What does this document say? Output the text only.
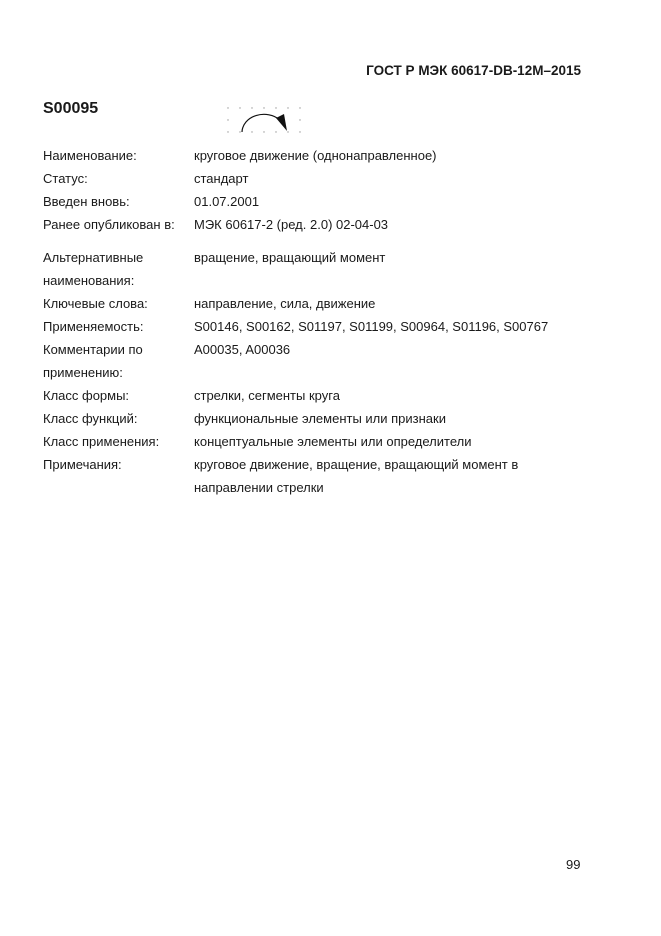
ГОСТ Р МЭК 60617-DB-12M–2015
S00095
Наименование:	круговое движение (однонаправленное)
Статус:	стандарт
Введен вновь:	01.07.2001
Ранее опубликован в:	МЭК 60617-2 (ред. 2.0) 02-04-03
Альтернативные наименования:
вращение, вращающий момент
Ключевые слова:	направление, сила, движение
Применяемость:	S00146, S00162, S01197, S01199, S00964, S01196, S00767
Комментарии по применению:
A00035, A00036
Класс формы:	стрелки, сегменты круга
Класс функций:	функциональные элементы или признаки
Класс применения:	концептуальные элементы или определители
Примечания:	круговое движение, вращение, вращающий момент в направлении стрелки
99
